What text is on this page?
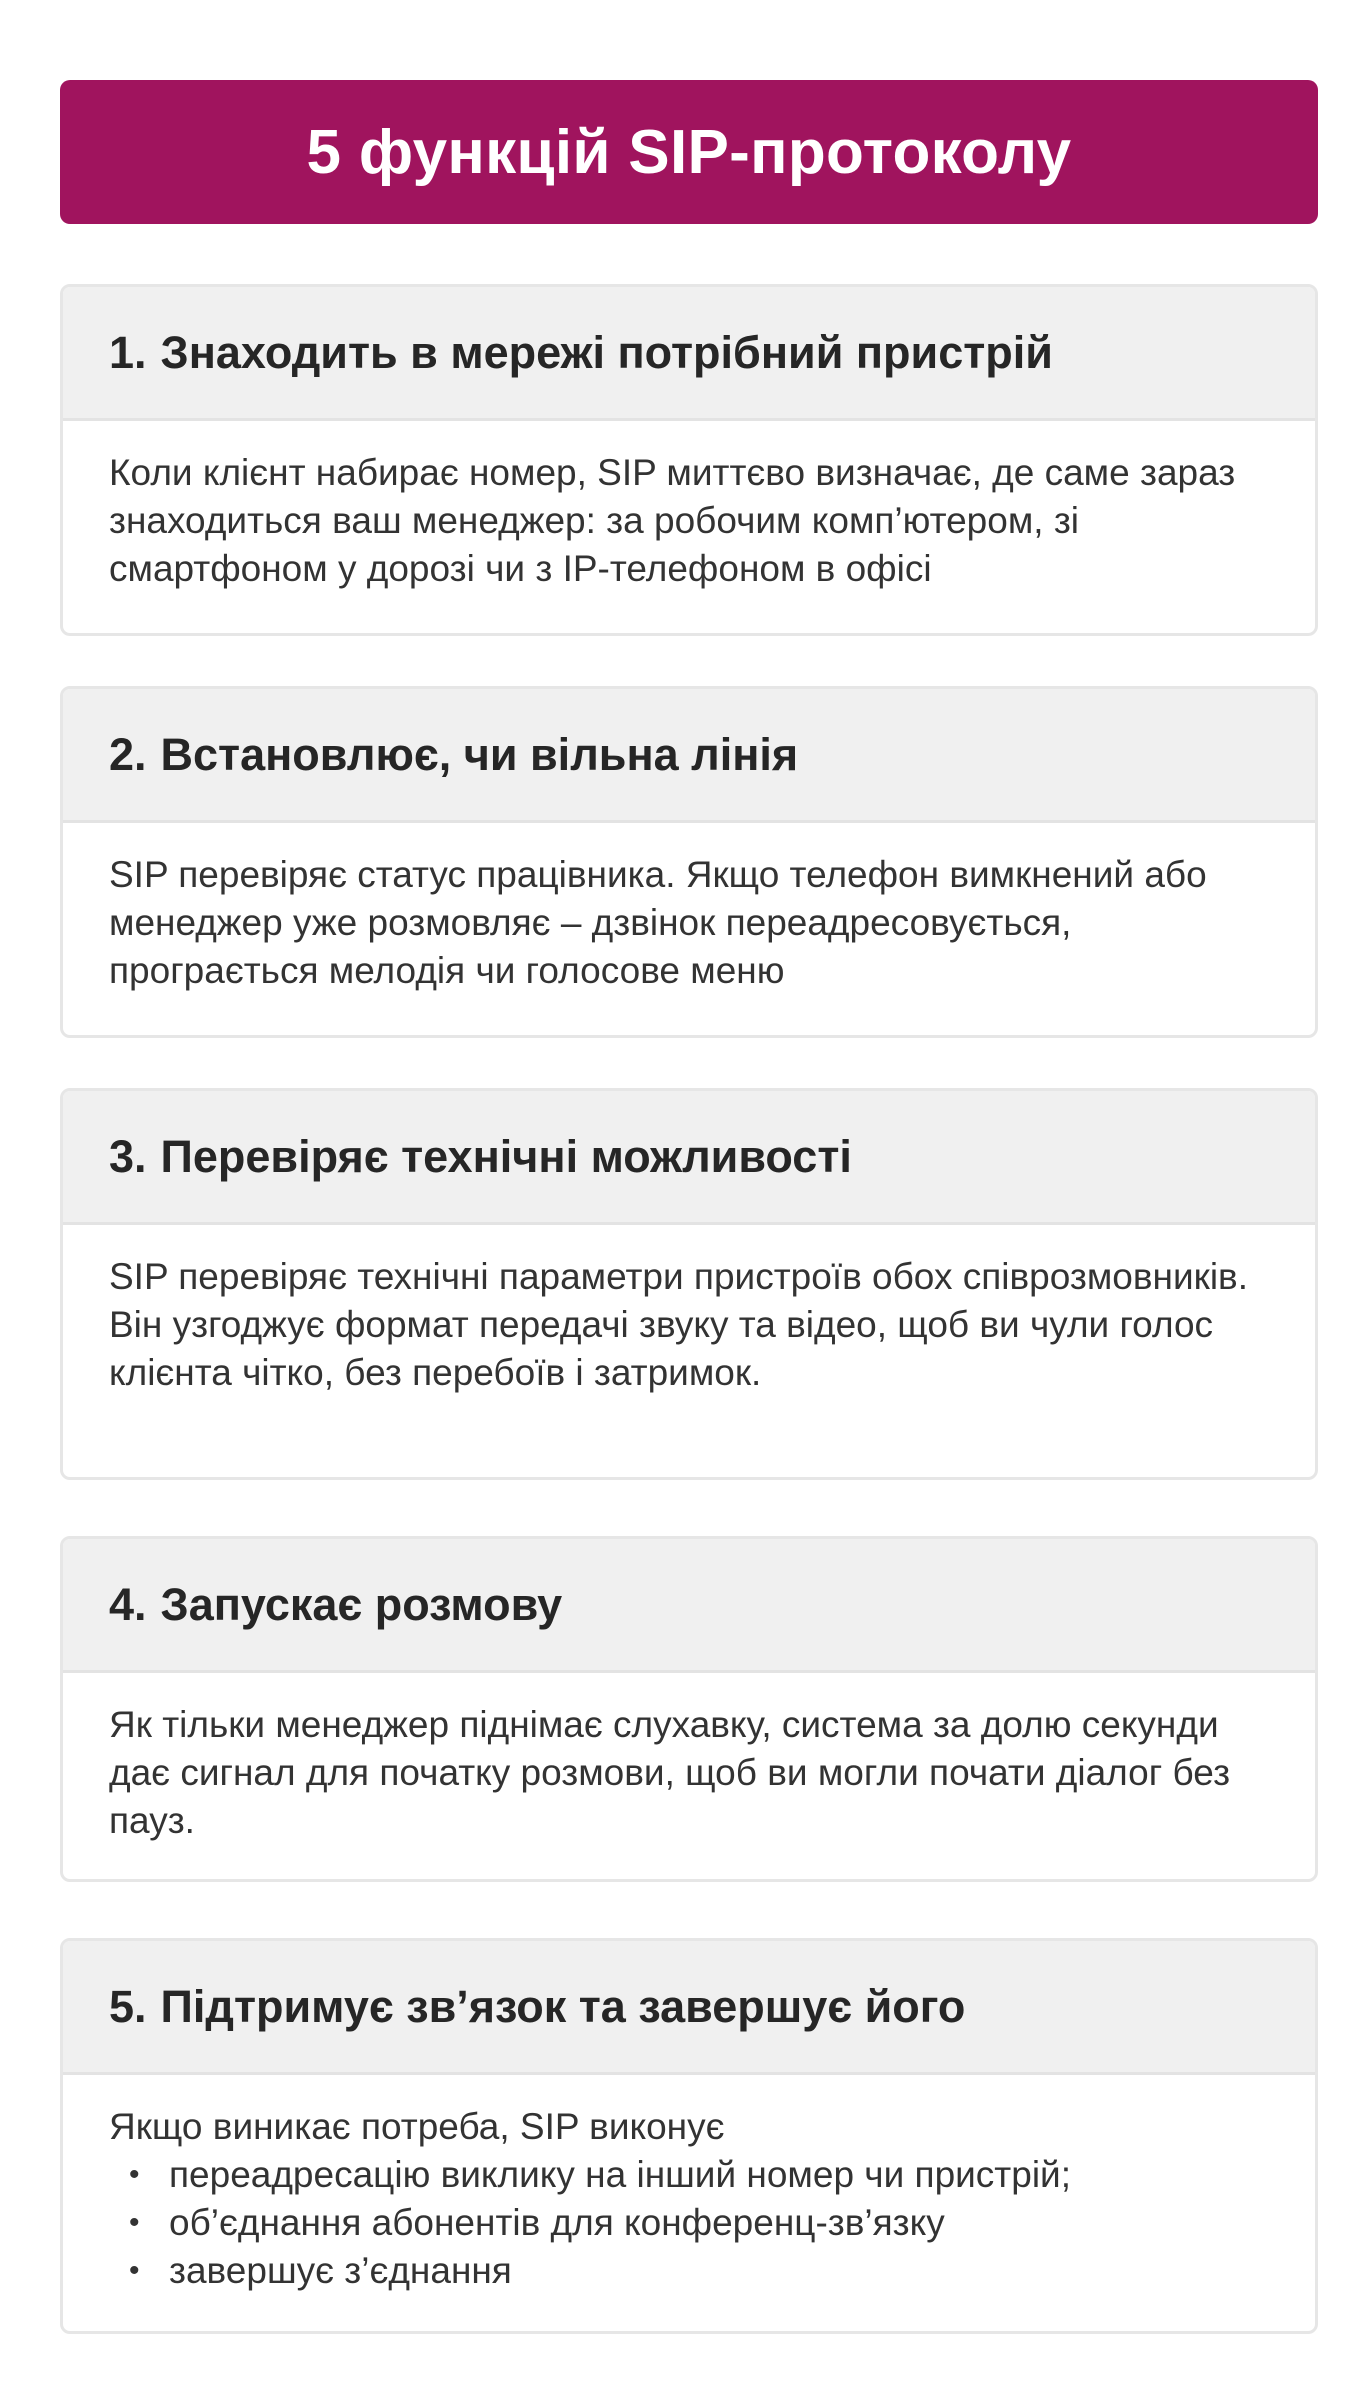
5 функцій SIP-протоколу
1. Знаходить в мережі потрібний пристрій

Коли клієнт набирає номер, SIP миттєво визначає, де саме зараз знаходиться ваш менеджер: за робочим комп’ютером, зі смартфоном у дорозі чи з IP-телефоном в офісі

2. Встановлює, чи вільна лінія

SIP перевіряє статус працівника. Якщо телефон вимкнений або менеджер уже розмовляє – дзвінок переадресовується, програється мелодія чи голосове меню

3. Перевіряє технічні можливості

SIP перевіряє технічні параметри пристроїв обох співрозмовників. Він узгоджує формат передачі звуку та відео, щоб ви чули голос клієнта чітко, без перебоїв і затримок.

4. Запускає розмову

Як тільки менеджер піднімає слухавку, система за долю секунди дає сигнал для початку розмови, щоб ви могли почати діалог без пауз.

5. Підтримує зв’язок та завершує його

Якщо виникає потреба, SIP виконує

• переадресацію виклику на інший номер чи пристрій;
• об’єднання абонентів для конференц-зв’язку
• завершує з’єднання
